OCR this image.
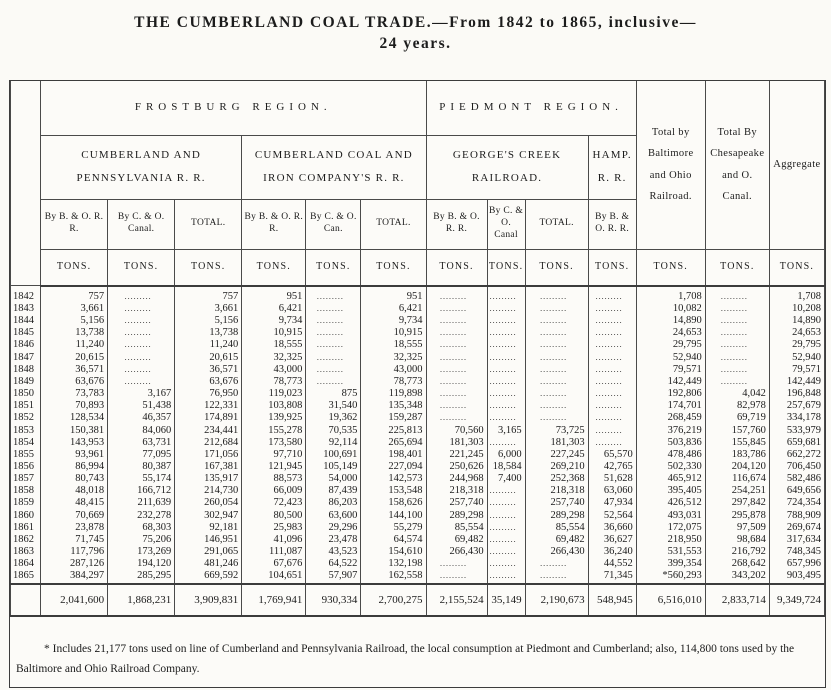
THE CUMBERLAND COAL TRADE.—From 1842 to 1865, inclusive—
24 years.
	FROSTBURG REGION.						PIEDMONT REGION.				Total by Baltimore and Ohio Railroad.	Total By Chesapeake and O. Canal.	Aggregate
	CUMBERLAND AND PENNSYLVANIA R. R.			CUMBERLAND COAL AND IRON COMPANY'S R. R.			GEORGE'S CREEK RAILROAD.			HAMP. R. R.			
	By B. & O. R. R.	By C. & O. Canal.	TOTAL.	By B. & O. R. R.	By C. & O. Can.	TOTAL.	By B. & O. R. R.	By C. & O. Canal	TOTAL.	By B. & O. R. R.			
	TONS.	TONS.	TONS.	TONS.	TONS.	TONS.	TONS.	TONS.	TONS.	TONS.	TONS.	TONS.	TONS.
1842	757	.........	757	951	.........	951	.........	.........	.........	.........	1,708	.........	1,708
1843	3,661	.........	3,661	6,421	.........	6,421	.........	.........	.........	.........	10,082	.........	10,208
1844	5,156	.........	5,156	9,734	.........	9,734	.........	.........	.........	.........	14,890	.........	14,890
1845	13,738	.........	13,738	10,915	.........	10,915	.........	.........	.........	.........	24,653	.........	24,653
1846	11,240	.........	11,240	18,555	.........	18,555	.........	.........	.........	.........	29,795	.........	29,795
1847	20,615	.........	20,615	32,325	.........	32,325	.........	.........	.........	.........	52,940	.........	52,940
1848	36,571	.........	36,571	43,000	.........	43,000	.........	.........	.........	.........	79,571	.........	79,571
1849	63,676	.........	63,676	78,773	.........	78,773	.........	.........	.........	.........	142,449	.........	142,449
1850	73,783	3,167	76,950	119,023	875	119,898	.........	.........	.........	.........	192,806	4,042	196,848
1851	70,893	51,438	122,331	103,808	31,540	135,348	.........	.........	.........	.........	174,701	82,978	257,679
1852	128,534	46,357	174,891	139,925	19,362	159,287	.........	.........	.........	.........	268,459	69,719	334,178
1853	150,381	84,060	234,441	155,278	70,535	225,813	70,560	3,165	73,725	.........	376,219	157,760	533,979
1854	143,953	63,731	212,684	173,580	92,114	265,694	181,303	.........	181,303	.........	503,836	155,845	659,681
1855	93,961	77,095	171,056	97,710	100,691	198,401	221,245	6,000	227,245	65,570	478,486	183,786	662,272
1856	86,994	80,387	167,381	121,945	105,149	227,094	250,626	18,584	269,210	42,765	502,330	204,120	706,450
1857	80,743	55,174	135,917	88,573	54,000	142,573	244,968	7,400	252,368	51,628	465,912	116,674	582,486
1858	48,018	166,712	214,730	66,009	87,439	153,548	218,318	.........	218,318	63,060	395,405	254,251	649,656
1859	48,415	211,639	260,054	72,423	86,203	158,626	257,740	.........	257,740	47,934	426,512	297,842	724,354
1860	70,669	232,278	302,947	80,500	63,600	144,100	289,298	.........	289,298	52,564	493,031	295,878	788,909
1861	23,878	68,303	92,181	25,983	29,296	55,279	85,554	.........	85,554	36,660	172,075	97,509	269,674
1862	71,745	75,206	146,951	41,096	23,478	64,574	69,482	.........	69,482	36,627	218,950	98,684	317,634
1863	117,796	173,269	291,065	111,087	43,523	154,610	266,430	.........	266,430	36,240	531,553	216,792	748,345
1864	287,126	194,120	481,246	67,676	64,522	132,198	.........	.........	.........	44,552	399,354	268,642	657,996
1865	384,297	285,295	669,592	104,651	57,907	162,558	.........	.........	.........	71,345	*560,293	343,202	903,495
	2,041,600	1,868,231	3,909,831	1,769,941	930,334	2,700,275	2,155,524	35,149	2,190,673	548,945	6,516,010	2,833,714	9,349,724
* Includes 21,177 tons used on line of Cumberland and Pennsylvania Railroad, the local consumption at Piedmont and Cumberland; also, 114,800 tons used by the Baltimore and Ohio Railroad Company.
